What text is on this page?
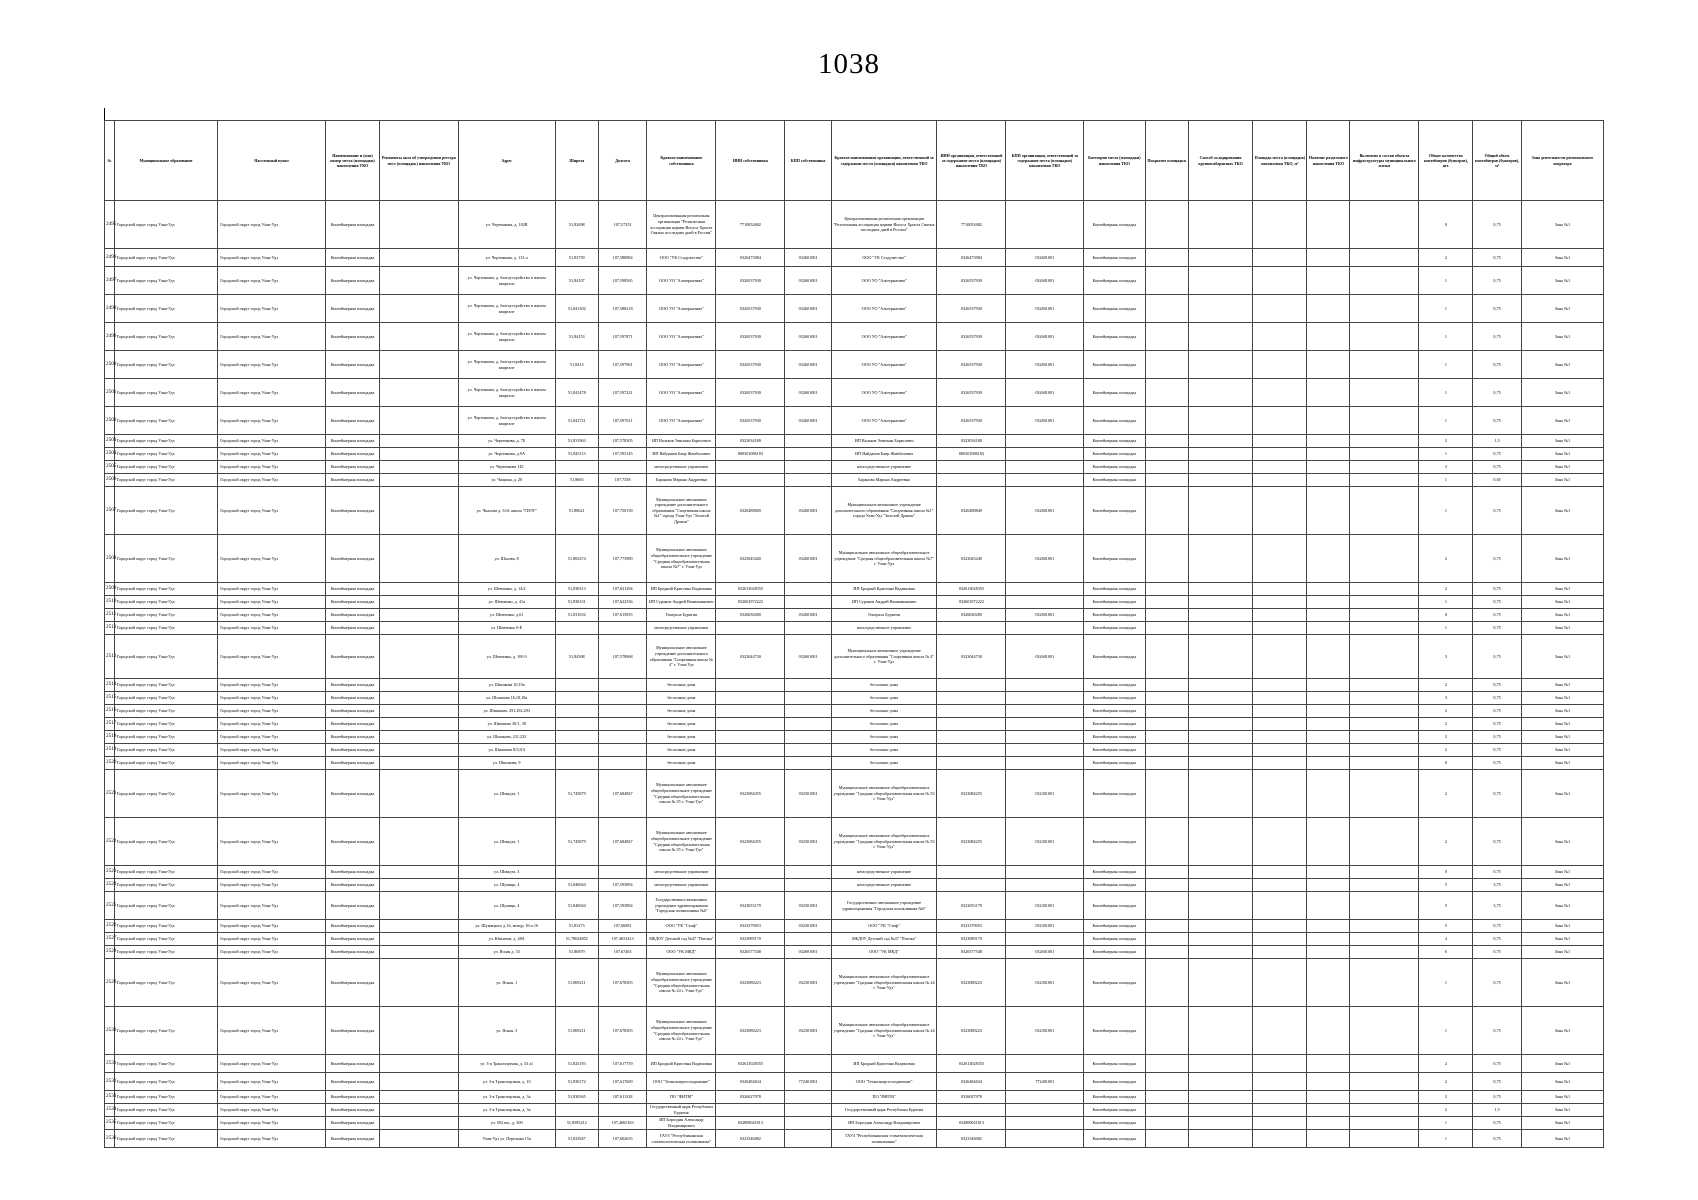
1038
№	Муниципальное образование	Населенный пункт	Наименование и (или) номер места (площадки) накопления ТКО	Реквизиты акта об утверждении реестра мест (площадок) накопления ТКО	Адрес	Широта	Долгота	Краткое наименование собственника	ИНН собственника	КПП собственника	Краткое наименование организации, ответственной за содержание места (площадки) накопления ТКО	ИНН организации, ответственной за содержание места (площадки) накопления ТКО	КПП организации, ответственной за содержание места (площадки) накопления ТКО	Категория места (площадки) накопления ТКО	Покрытие площадки	Способ складирования крупногабаритных ТКО	Площадь места (площадки) накопления ТКО, м²	Наличие раздельного накопления ТКО	Включено в состав объекта инфраструктуры муниципального жилья	Общее количество контейнеров (бункеров), шт.	Общий объем контейнеров (бункеров), м³	Зона деятельности регионального оператора
2495	Городской округ город Улан-Удэ	Городской округ город Улан-Удэ	Контейнерная площадка		ул. Чертенкова, д. 102В	51,82698	107,57251	Централизованная религиозная организация "Религиозная ассоциация церкви Иисуса Христа Святых последних дней в России"	7710052682		Централизованная религиозная организация "Религиозная ассоциация церкви Иисуса Христа Святых последних дней в России"	7710052682		Контейнерная площадка						0	0,75	Зона №1
2496	Городской округ город Улан-Удэ	Городской округ город Улан-Удэ	Контейнерная площадка		ул. Чертенкова, д. 131 п	51,83739	107,588984	ООО "УК Стадужество"	0326473984	032601001	ООО "УК Стадужество"	0326473984	032601001	Контейнерная площадка						2	0,75	Зона №1
2497	Городской округ город Улан-Удэ	Городской округ город Улан-Удэ	Контейнерная площадка		ул. Чертенкова, д. благоустройство в жилом квартале	51,84107	107,598565	ООО УО "Альтернатива"	0326537930	032601001	ООО УО "Альтернатива"	0326537930	032601001	Контейнерная площадка						1	0,75	Зона №1
2498	Городской округ город Улан-Удэ	Городской округ город Улан-Удэ	Контейнерная площадка		ул. Чертенкова, д. благоустройство в жилом квартале	51,841302	107,588218	ООО УО "Альтернатива"	0326537930	032601001	ООО УО "Альтернатива"	0326537930	032601001	Контейнерная площадка						1	0,75	Зона №1
2499	Городской округ город Улан-Удэ	Городской округ город Улан-Удэ	Контейнерная площадка		ул. Чертенкова, д. благоустройство в жилом квартале	51,84153	107,597871	ООО УО "Альтернатива"	0326537930	032601001	ООО УО "Альтернатива"	0326537930	032601001	Контейнерная площадка						1	0,75	Зона №1
2500	Городской округ город Улан-Удэ	Городской округ город Улан-Удэ	Контейнерная площадка		ул. Чертенкова, д. благоустройство в жилом квартале	51,8415	107,597961	ООО УО "Альтернатива"	0326537930	032601001	ООО УО "Альтернатива"	0326537930	032601001	Контейнерная площадка						1	0,75	Зона №1
2501	Городской округ город Улан-Удэ	Городской округ город Улан-Удэ	Контейнерная площадка		ул. Чертенкова, д. благоустройство в жилом квартале	51,841478	107,597221	ООО УО "Альтернатива"	0326537930	032601001	ООО УО "Альтернатива"	0326537930	032601001	Контейнерная площадка						1	0,75	Зона №1
2502	Городской округ город Улан-Удэ	Городской округ город Улан-Удэ	Контейнерная площадка		ул. Чертенкова, д. благоустройство в жилом квартале	51,841721	107,597611	ООО УО "Альтернатива"	0326537930	032601001	ООО УО "Альтернатива"	0326537930	032601001	Контейнерная площадка						1	0,75	Зона №1
2503	Городской округ город Улан-Удэ	Городской округ город Улан-Удэ	Контейнерная площадка		ул. Чертенкова, д. 7Б	51,831963	107,578305	ИП Вальков Эмильян Борисович	0323034180		ИП Вальков Эмильян Борисович	0323034180		Контейнерная площадка						2	1,5	Зона №1
2504	Городской округ город Улан-Удэ	Городской округ город Улан-Удэ	Контейнерная площадка		ул. Чертенкова, д.9А	51,845113	107,593145	ИП Найданов Баир Жамбалович	800301086183		ИП Найданов Баир Жамбалович	800301086183		Контейнерная площадка						1	0,75	Зона №1
2505	Городской округ город Улан-Удэ	Городской округ город Улан-Удэ	Контейнерная площадка		ул. Чертенкова 145			непосредственное управление			непосредственное управление			Контейнерная площадка						3	0,75	Зона №1
2506	Городской округ город Улан-Удэ	Городской округ город Улан-Удэ	Контейнерная площадка		ул. Чащина, д. 20	51,8665	107,7358	Баранова Марина Андреевна			Баранова Марина Андреевна			Контейнерная площадка						1	0,65	Зона №1
2507	Городской округ город Улан-Удэ	Городской округ город Улан-Удэ	Контейнерная площадка		ул. Чкалова д. 33А школа "ГИЭТ"	51,88621	107,750139	Муниципальное автономное учреждение дополнительного образования "Спортивная школа №1" города Улан-Удэ "Золотой Дракон"	0326488849	032601001	Муниципальное автономное учреждение дополнительного образования "Спортивная школа №1" города Улан-Удэ "Золотой Дракон"	0326488849	032601001	Контейнерная площадка						1	0,75	Зона №1
2508	Городской округ город Улан-Удэ	Городской округ город Улан-Удэ	Контейнерная площадка		ул. Шахова, 8	51,865474	107,773989	Муниципальное автономное общеобразовательное учреждение "Средняя общеобразовательная школа №7" г. Улан-Удэ	0323045440	032601001	Муниципальное автономное общеобразовательное учреждение "Средняя общеобразовательная школа №7" г. Улан-Удэ	0323045440	032601001	Контейнерная площадка						2	0,75	Зона №1
2509	Городской округ город Улан-Удэ	Городской округ город Улан-Удэ	Контейнерная площадка		ул. Шевченко, д. 14/2	51,830313	107,621294	ИП Бродкий Кристина Вадимовна	032613028355		ИП Бродкий Кристина Вадимовна	032613028355		Контейнерная площадка						2	0,75	Зона №1
2510	Городской округ город Улан-Удэ	Городской округ город Улан-Удэ	Контейнерная площадка		ул. Шевченко, д. 41а	51,830131	107,622336	ИП Суранов Андрей Вениаминович	032601972222		ИП Суранов Андрей Вениаминович	032601972222		Контейнерная площадка						1	0,75	Зона №1
2511	Городской округ город Улан-Удэ	Городской округ город Улан-Удэ	Контейнерная площадка		ул. Шевченко, д.61	51,831632	107,615835	Генерала Бурятии	0326030280	032601001	Генерала Бурятии	0326030280	032601001	Контейнерная площадка						0	0,75	Зона №1
2512	Городской округ город Улан-Удэ	Городской округ город Улан-Удэ	Контейнерная площадка		ул. Шевченко 6-Е			непосредственное управление			непосредственное управление			Контейнерная площадка						1	0,75	Зона №1
2513	Городской округ город Улан-Удэ	Городской округ город Улан-Удэ	Контейнерная площадка		ул. Шевченко, д. 100 б	51,84308	107,578968	Муниципальное автономное учреждение дополнительного образования "Спортивная школа № 4" г. Улан-Удэ	0323044730	032601001	Муниципальное автономное учреждение дополнительного образования "Спортивная школа № 4" г. Улан-Удэ	0323044730	032601001	Контейнерная площадка						3	0,75	Зона №1
2514	Городской округ город Улан-Удэ	Городской округ город Улан-Удэ	Контейнерная площадка		ул. Шишкова 10,10а			бесхозные дома			бесхозные дома			Контейнерная площадка						2	0,75	Зона №1
2515	Городской округ город Улан-Удэ	Городской округ город Улан-Удэ	Контейнерная площадка		ул. Шишкова 16,18,18а			бесхозные дома			бесхозные дома			Контейнерная площадка						3	0,75	Зона №1
2516	Городской округ город Улан-Удэ	Городской округ город Улан-Удэ	Контейнерная площадка		ул. Шишкова, 291,292,293			бесхозные дома			бесхозные дома			Контейнерная площадка						2	0,75	Зона №1
2517	Городской округ город Улан-Удэ	Городской округ город Улан-Удэ	Контейнерная площадка		ул. Шишкова 30/1, 38			бесхозные дома			бесхозные дома			Контейнерная площадка						2	0,75	Зона №1
2518	Городской округ город Улан-Удэ	Городской округ город Улан-Удэ	Контейнерная площадка		ул. Шишкова, 231,232			бесхозные дома			бесхозные дома			Контейнерная площадка						2	0,75	Зона №1
2519	Городской округ город Улан-Удэ	Городской округ город Улан-Удэ	Контейнерная площадка		ул. Шишкова 8/3,8/4			бесхозные дома			бесхозные дома			Контейнерная площадка						2	0,75	Зона №1
2520	Городской округ город Улан-Удэ	Городской округ город Улан-Удэ	Контейнерная площадка		ул. Шишкова, 9			бесхозные дома			бесхозные дома			Контейнерная площадка						0	0,75	Зона №1
2521	Городской округ город Улан-Удэ	Городской округ город Улан-Удэ	Контейнерная площадка		ул. Шмидта, 1	51,745879	107,684847	Муниципальное автономное общеобразовательное учреждение "Средняя общеобразовательная школа № 55 г. Улан-Удэ"	0323084255	032301001	Муниципальное автономное общеобразовательное учреждение "Средняя общеобразовательная школа № 55 г. Улан-Удэ"	0323084255	032301001	Контейнерная площадка						2	0,75	Зона №1
2522	Городской округ город Улан-Удэ	Городской округ город Улан-Удэ	Контейнерная площадка		ул. Шмидта, 1	51,745879	107,684847	Муниципальное автономное общеобразовательное учреждение "Средняя общеобразовательная школа № 55 г. Улан-Удэ"	0323084255	032301001	Муниципальное автономное общеобразовательное учреждение "Средняя общеобразовательная школа № 55 г. Улан-Удэ"	0323084255	032301001	Контейнерная площадка						2	0,75	Зона №1
2523	Городской округ город Улан-Удэ	Городской округ город Улан-Удэ	Контейнерная площадка		ул. Шмидта, 3			непосредственное управление			непосредственное управление			Контейнерная площадка						0	0,75	Зона №1
2524	Городской округ город Улан-Удэ	Городской округ город Улан-Удэ	Контейнерная площадка		ул. Шумяцк, 4	51,846944	107,593894	непосредственное управление			непосредственное управление			Контейнерная площадка						5	3,75	Зона №1
2525	Городской округ город Улан-Удэ	Городской округ город Улан-Удэ	Контейнерная площадка		ул. Шумяцк, 4	51,846944	107,593894	Государственное автономное учреждение здравоохранения "Городская поликлиника №6"	0323053179	032301001	Государственное автономное учреждение здравоохранения "Городская поликлиника №6"	0323053179	032301001	Контейнерная площадка						5	3,75	Зона №1
2526	Городской округ город Улан-Удэ	Городской округ город Улан-Удэ	Контейнерная площадка		ул. Шумяцкого д.16, между 16 и 16	51,83273	107,66881	ООО "УК "Стиф"	0323379053	032301001	ООО "УК "Стиф"	0323379053	032301001	Контейнерная площадка						5	0,75	Зона №1
2527	Городской округ город Улан-Удэ	Городской округ город Улан-Удэ	Контейнерная площадка		ул. Юннатов, д. 48А	51,78024852	107,4653413	МБДОУ Детский сад №47 "Пчелка"	0323089170		МБДОУ Детский сад №47 "Пчелка"	0323089170		Контейнерная площадка						4	0,75	Зона №1
2528	Городской округ город Улан-Удэ	Городской округ город Улан-Удэ	Контейнерная площадка		ул. Ясная д. 33	51,86879	107,67463	ООО "УК МКД"	0326577548	032601001	ООО "УК МКД"	0326577548	032601001	Контейнерная площадка						6	0,75	Зона №1
2529	Городской округ город Улан-Удэ	Городской округ город Улан-Удэ	Контейнерная площадка		ул. Ясная, 1	51,869211	107,678303	Муниципальное автономное общеобразовательное учреждение "Средняя общеобразовательная школа № 24 г. Улан-Удэ"	0323080223	032301001	Муниципальное автономное общеобразовательное учреждение "Средняя общеобразовательная школа № 24 г. Улан-Удэ"	0323080223	032301001	Контейнерная площадка						1	0,75	Зона №1
2530	Городской округ город Улан-Удэ	Городской округ город Улан-Удэ	Контейнерная площадка		ул. Ясная, 3	51,869211	107,678303	Муниципальное автономное общеобразовательное учреждение "Средняя общеобразовательная школа № 24 г. Улан-Удэ"	0323080223	032301001	Муниципальное автономное общеобразовательное учреждение "Средняя общеобразовательная школа № 24 г. Улан-Удэ"	0323080223	032301001	Контейнерная площадка						1	0,75	Зона №1
2531	Городской округ город Улан-Удэ	Городской округ город Улан-Удэ	Контейнерная площадка		ул. 3-я Транспортная, д. 33 а1	51,825193	107,617759	ИП Бродкий Кристина Вадимовна	032613028355		ИП Бродкий Кристина Вадимовна	032613028355		Контейнерная площадка						2	0,75	Зона №1
2532	Городской округ город Улан-Удэ	Городской округ город Улан-Удэ	Контейнерная площадка		ул. 3-я Транспортная, д. 10	51,830172	107,617609	ООО "Техноэнергосоединение"	0326484634	772401001	ООО "Техноэнергосоединение"	0326484634	772401001	Контейнерная площадка						2	0,75	Зона №1
2533	Городской округ город Улан-Удэ	Городской округ город Улан-Удэ	Контейнерная площадка		ул. 3-я Транспортная, д. 3а	51,830365	107,611328	ПО "ФИТМ"	0326027978		ПО "ФИТМ"	0326027978		Контейнерная площадка						2	0,75	Зона №1
2534	Городской округ город Улан-Удэ	Городской округ город Улан-Удэ	Контейнерная площадка		ул. 3-я Транспортная, д. 3а			Государственный цирк Республики Бурятия			Государственный цирк Республики Бурятия			Контейнерная площадка						2	1,5	Зона №1
2535	Городской округ город Улан-Удэ	Городской округ город Улан-Удэ	Контейнерная площадка		ул. 502 км., д. 300	51,8385212	107,4665163	ИП Бороздин Александр Владимирович	032800041813		ИП Бороздин Александр Владимирович	032800041813		Контейнерная площадка						1	0,75	Зона №1
2536	Городской округ город Улан-Удэ	Городской округ город Улан-Удэ	Контейнерная площадка		Улан-Удэ ул. Перелыва 15а	51,823947	107,602635	ГАУЗ "Республиканская стоматологическая поликлиника"	0323346082		ГАУЗ "Республиканская стоматологическая поликлиника"	0323346082		Контейнерная площадка						1	0,75	Зона №1
